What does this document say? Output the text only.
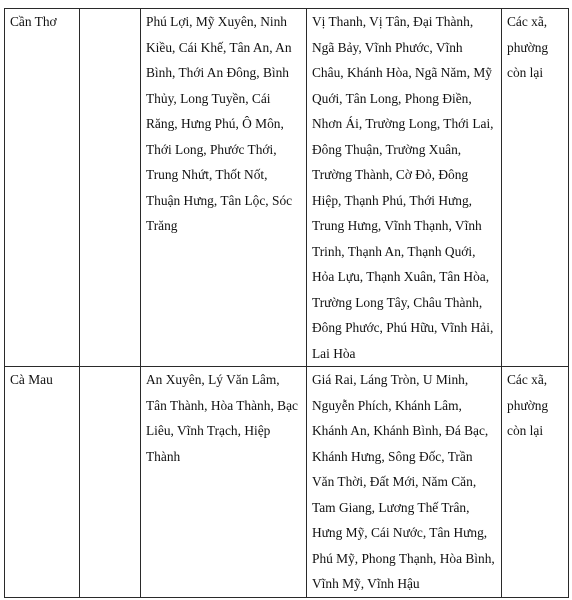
Cần Thơ		Phú Lợi, Mỹ Xuyên, Ninh Kiều, Cái Khế, Tân An, An Bình, Thới An Đông, Bình Thủy, Long Tuyền, Cái Răng, Hưng Phú, Ô Môn, Thới Long, Phước Thới, Trung Nhứt, Thốt Nốt, Thuận Hưng, Tân Lộc, Sóc Trăng	Vị Thanh, Vị Tân, Đại Thành, Ngã Bảy, Vĩnh Phước, Vĩnh Châu, Khánh Hòa, Ngã Năm, Mỹ Quới, Tân Long, Phong Điền, Nhơn Ái, Trường Long, Thới Lai, Đông Thuận, Trường Xuân, Trường Thành, Cờ Đỏ, Đông Hiệp, Thạnh Phú, Thới Hưng, Trung Hưng, Vĩnh Thạnh, Vĩnh Trinh, Thạnh An, Thạnh Quới, Hỏa Lựu, Thạnh Xuân, Tân Hòa, Trường Long Tây, Châu Thành, Đông Phước, Phú Hữu, Vĩnh Hải, Lai Hòa	Các xã, phường còn lại
Cà Mau		An Xuyên, Lý Văn Lâm, Tân Thành, Hòa Thành, Bạc Liêu, Vĩnh Trạch, Hiệp Thành	Giá Rai, Láng Tròn, U Minh, Nguyễn Phích, Khánh Lâm, Khánh An, Khánh Bình, Đá Bạc, Khánh Hưng, Sông Đốc, Trần Văn Thời, Đất Mới, Năm Căn, Tam Giang, Lương Thế Trân, Hưng Mỹ, Cái Nước, Tân Hưng, Phú Mỹ, Phong Thạnh, Hòa Bình, Vĩnh Mỹ, Vĩnh Hậu	Các xã, phường còn lại
